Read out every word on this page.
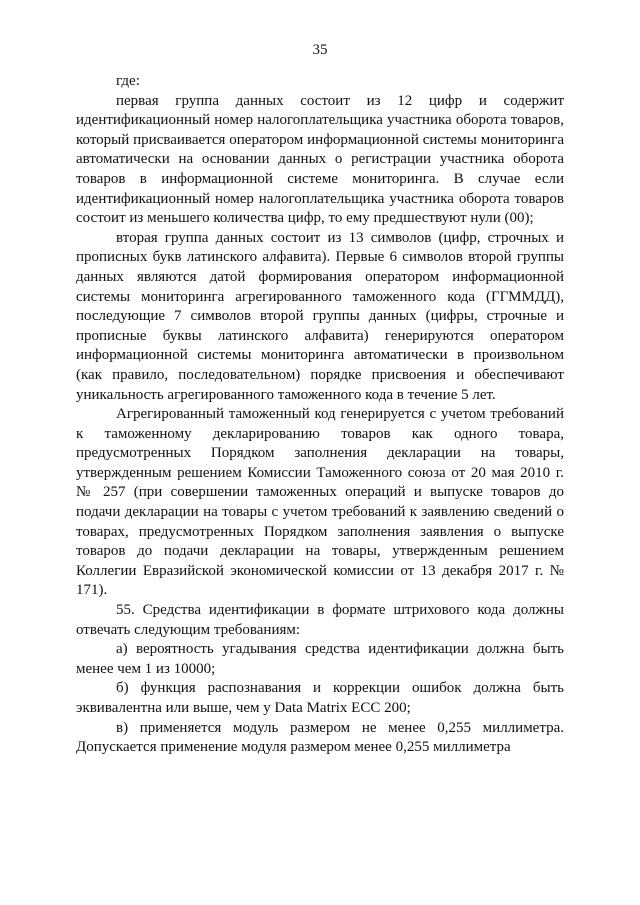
35

где:

первая группа данных состоит из 12 цифр и содержит идентификационный номер налогоплательщика участника оборота товаров, который присваивается оператором информационной системы мониторинга автоматически на основании данных о регистрации участника оборота товаров в информационной системе мониторинга. В случае если идентификационный номер налогоплательщика участника оборота товаров состоит из меньшего количества цифр, то ему предшествуют нули (00);

вторая группа данных состоит из 13 символов (цифр, строчных и прописных букв латинского алфавита). Первые 6 символов второй группы данных являются датой формирования оператором информационной системы мониторинга агрегированного таможенного кода (ГГММДД), последующие 7 символов второй группы данных (цифры, строчные и прописные буквы латинского алфавита) генерируются оператором информационной системы мониторинга автоматически в произвольном (как правило, последовательном) порядке присвоения и обеспечивают уникальность агрегированного таможенного кода в течение 5 лет.

Агрегированный таможенный код генерируется с учетом требований к таможенному декларированию товаров как одного товара, предусмотренных Порядком заполнения декларации на товары, утвержденным решением Комиссии Таможенного союза от 20 мая 2010 г. № 257 (при совершении таможенных операций и выпуске товаров до подачи декларации на товары с учетом требований к заявлению сведений о товарах, предусмотренных Порядком заполнения заявления о выпуске товаров до подачи декларации на товары, утвержденным решением Коллегии Евразийской экономической комиссии от 13 декабря 2017 г. № 171).

55. Средства идентификации в формате штрихового кода должны отвечать следующим требованиям:

а) вероятность угадывания средства идентификации должна быть менее чем 1 из 10000;

б) функция распознавания и коррекции ошибок должна быть эквивалентна или выше, чем у Data Matrix ECC 200;

в) применяется модуль размером не менее 0,255 миллиметра. Допускается применение модуля размером менее 0,255 миллиметра
